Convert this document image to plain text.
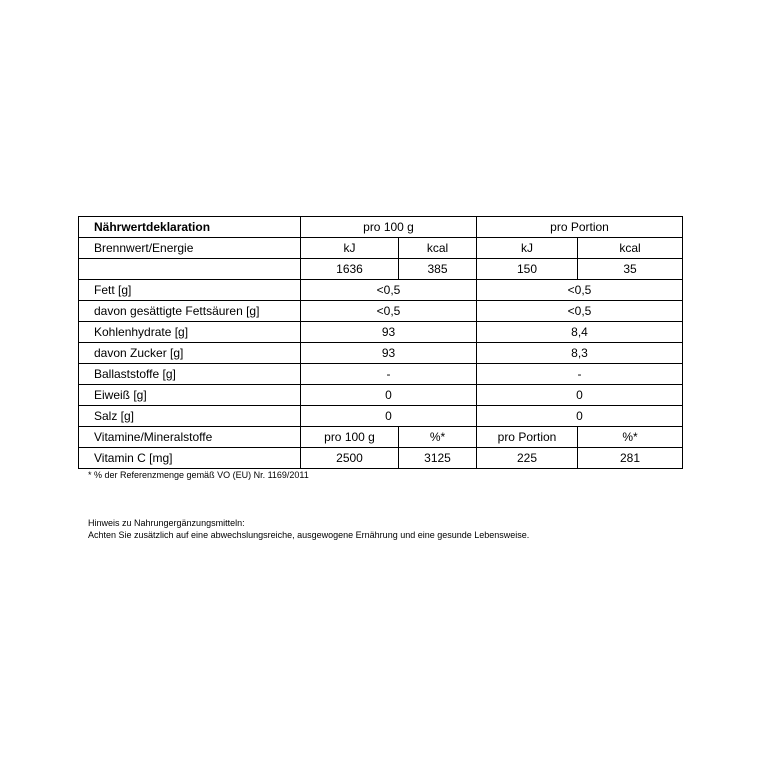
Nährwertdeklaration	pro 100 g		pro Portion	
Brennwert/Energie	kJ	kcal	kJ	kcal
	1636	385	150	35
Fett [g]	<0,5		<0,5	
davon gesättigte Fettsäuren [g]	<0,5		<0,5	
Kohlenhydrate [g]	93		8,4	
davon Zucker [g]	93		8,3	
Ballaststoffe [g]	-		-	
Eiweiß [g]	0		0	
Salz [g]	0		0	
Vitamine/Mineralstoffe	pro 100 g	%*	pro Portion	%*
Vitamin C [mg]	2500	3125	225	281
* % der Referenzmenge gemäß VO (EU) Nr. 1169/2011
Hinweis zu Nahrungergänzungsmitteln:
Achten Sie zusätzlich auf eine abwechslungsreiche, ausgewogene Ernährung und eine gesunde Lebensweise.
